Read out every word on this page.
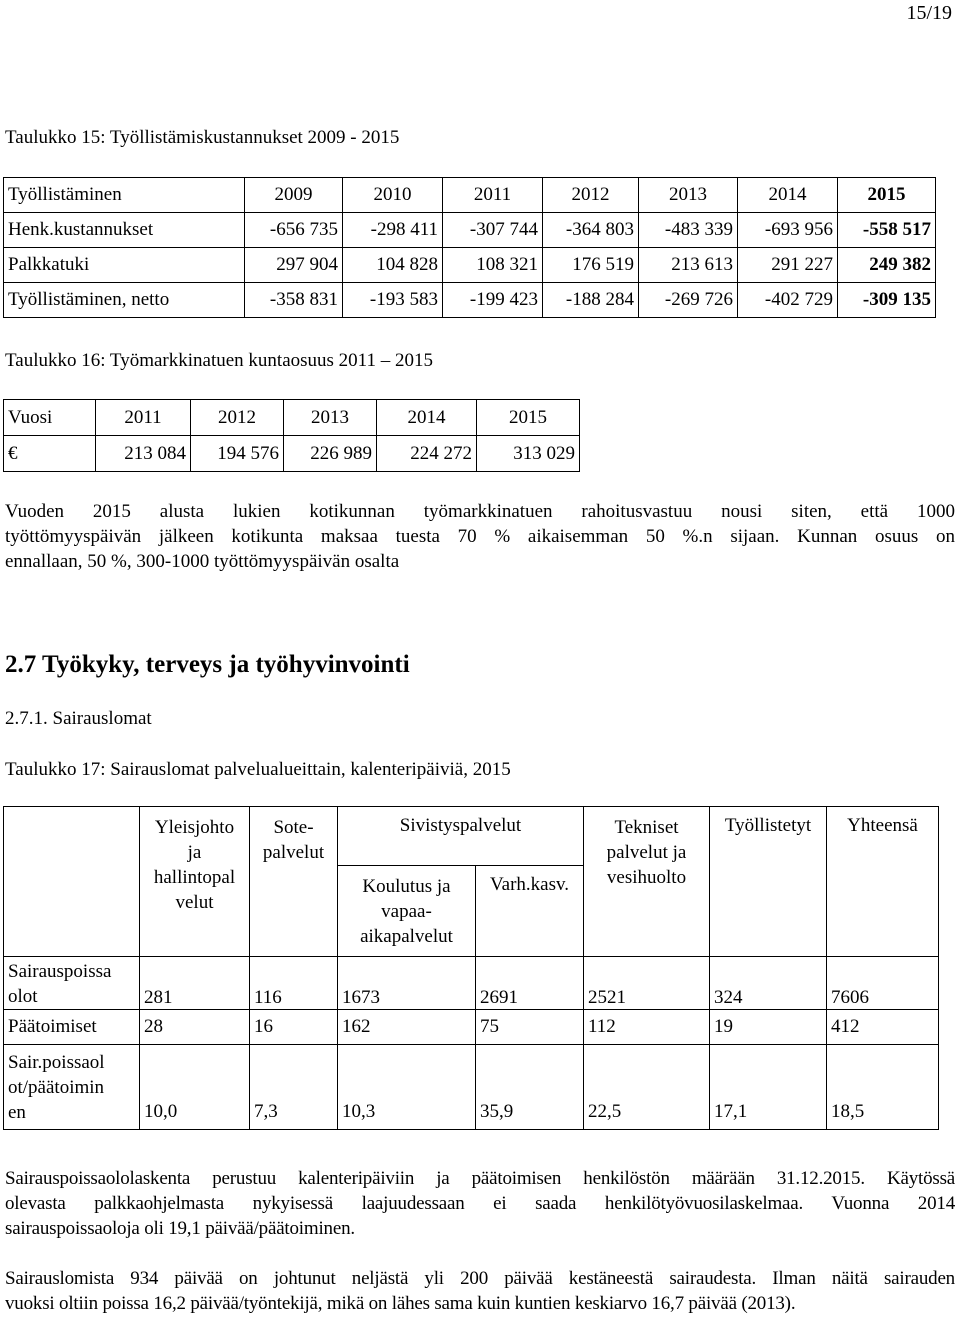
15/19
Taulukko 15: Työllistämiskustannukset 2009 - 2015
Työllistäminen	2009	2010	2011	2012	2013	2014	2015
Henk.kustannukset	-656 735	-298 411	-307 744	-364 803	-483 339	-693 956	-558 517
Palkkatuki	297 904	104 828	108 321	176 519	213 613	291 227	249 382
Työllistäminen, netto	-358 831	-193 583	-199 423	-188 284	-269 726	-402 729	-309 135
Taulukko 16: Työmarkkinatuen kuntaosuus 2011 – 2015
Vuosi	2011	2012	2013	2014	2015
€	213 084	194 576	226 989	224 272	313 029
Vuoden 2015 alusta lukien kotikunnan työmarkkinatuen rahoitusvastuu nousi siten, että 1000
työttömyyspäivän jälkeen kotikunta maksaa tuesta 70 % aikaisemman 50 %.n sijaan. Kunnan osuus on
ennallaan, 50 %, 300-1000 työttömyyspäivän osalta
2.7 Työkyky, terveys ja työhyvinvointi
2.7.1. Sairauslomat
Taulukko 17: Sairauslomat palvelualueittain, kalenteripäiviä, 2015

	Yleisjohto ja hallintopal velut	Sote-palvelut	Sivistyspalvelut		Tekniset palvelut ja vesihuolto	Työllistetyt	Yhteensä

			Koulutus ja vapaa-aikapalvelut	Varh.kasv.			

Sairauspoissaolot	281	116	1673	2691	2521	324	7606
Päätoimiset	28	16	162	75	112	19	412

Sair.poissaolot/päätoiminen	10,0	7,3	10,3	35,9	22,5	17,1	18,5
Sairauspoissaololaskenta perustuu kalenteripäiviin ja päätoimisen henkilöstön määrään 31.12.2015. Käytössä
olevasta palkkaohjelmasta nykyisessä laajuudessaan ei saada henkilötyövuosilaskelmaa. Vuonna 2014
sairauspoissaoloja oli 19,1 päivää/päätoiminen.
Sairauslomista 934 päivää on johtunut neljästä yli 200 päivää kestäneestä sairaudesta. Ilman näitä sairauden
vuoksi oltiin poissa 16,2 päivää/työntekijä, mikä on lähes sama kuin kuntien keskiarvo 16,7 päivää (2013).
